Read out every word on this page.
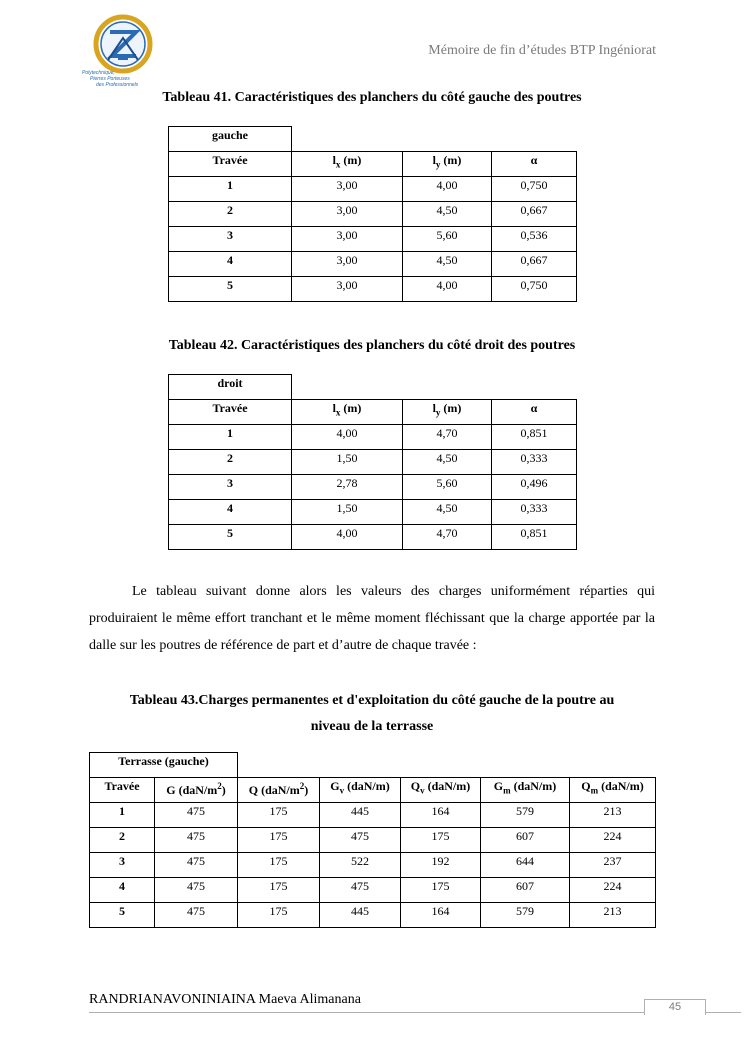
Polytechnique,
Pierres Porteuses
des Professionnels
Mémoire de fin d’études BTP Ingéniorat
Tableau 41. Caractéristiques des planchers du côté gauche des poutres
gauche			
Travée	$l_x$ (m)	$l_y$ (m)	α
1	3,00	4,00	0,750
2	3,00	4,50	0,667
3	3,00	5,60	0,536
4	3,00	4,50	0,667
5	3,00	4,00	0,750
Tableau 42. Caractéristiques des planchers du côté droit des poutres
droit			
Travée	$l_x$ (m)	$l_y$ (m)	α
1	4,00	4,70	0,851
2	1,50	4,50	0,333
3	2,78	5,60	0,496
4	1,50	4,50	0,333
5	4,00	4,70	0,851
Le tableau suivant donne alors les valeurs des charges uniformément réparties qui produiraient le même effort tranchant et le même moment fléchissant que la charge apportée par la dalle sur les poutres de référence de part et d’autre de chaque travée :
Tableau 43.Charges permanentes et d'exploitation du côté gauche de la poutre au
niveau de la terrasse
Terrasse (gauche)						
Travée	G $(daN/m^2)$	Q $(daN/m^2)$	$G_v$ (daN/m)	$Q_v$ (daN/m)	$G_m$ (daN/m)	$Q_m$ (daN/m)
1	475	175	445	164	579	213
2	475	175	475	175	607	224
3	475	175	522	192	644	237
4	475	175	475	175	607	224
5	475	175	445	164	579	213
RANDRIANAVONINIAINA Maeva Alimanana	45
